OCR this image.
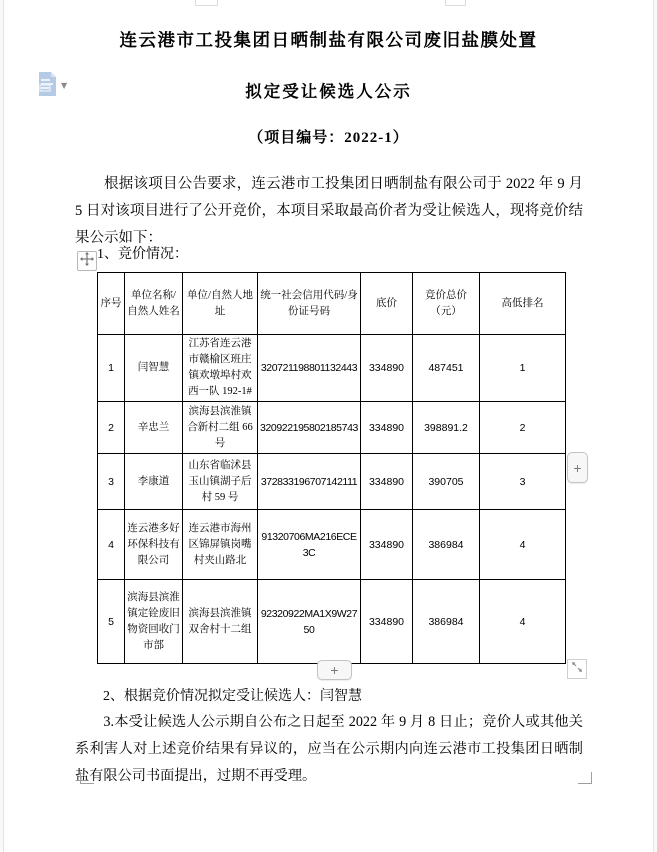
▼
连云港市工投集团日晒制盐有限公司废旧盐膜处置
拟定受让候选人公示
（项目编号：2022-1）
根据该项目公告要求，连云港市工投集团日晒制盐有限公司于 2022 年 9 月 5 日对该项目进行了公开竞价，本项目采取最高价者为受让候选人，现将竞价结果公示如下：
1、竞价情况：
序号	单位名称/自然人姓名	单位/自然人地址	统一社会信用代码/身份证号码	底价	竞价总价（元）	高低排名
1	闫智慧	江苏省连云港市赣榆区班庄镇欢墩埠村欢西一队 192-1#	320721198801132443	334890	487451	1
2	辛忠兰	滨海县滨淮镇合新村二组 66 号	320922195802185743	334890	398891.2	2
3	李康道	山东省临沭县玉山镇湖子后村 59 号	372833196707142111	334890	390705	3
4	连云港多好环保科技有限公司	连云港市海州区锦屏镇岗嘴村夹山路北	91320706MA216ECE3C	334890	386984	4
5	滨海县滨淮镇定铨废旧物资回收门市部	滨海县滨淮镇双舍村十二组	92320922MA1X9W2750	334890	386984	4
+
+
2、根据竞价情况拟定受让候选人：闫智慧
3.本受让候选人公示期自公布之日起至 2022 年 9 月 8 日止；竞价人或其他关系利害人对上述竞价结果有异议的，应当在公示期内向连云港市工投集团日晒制盐有限公司书面提出，过期不再受理。
